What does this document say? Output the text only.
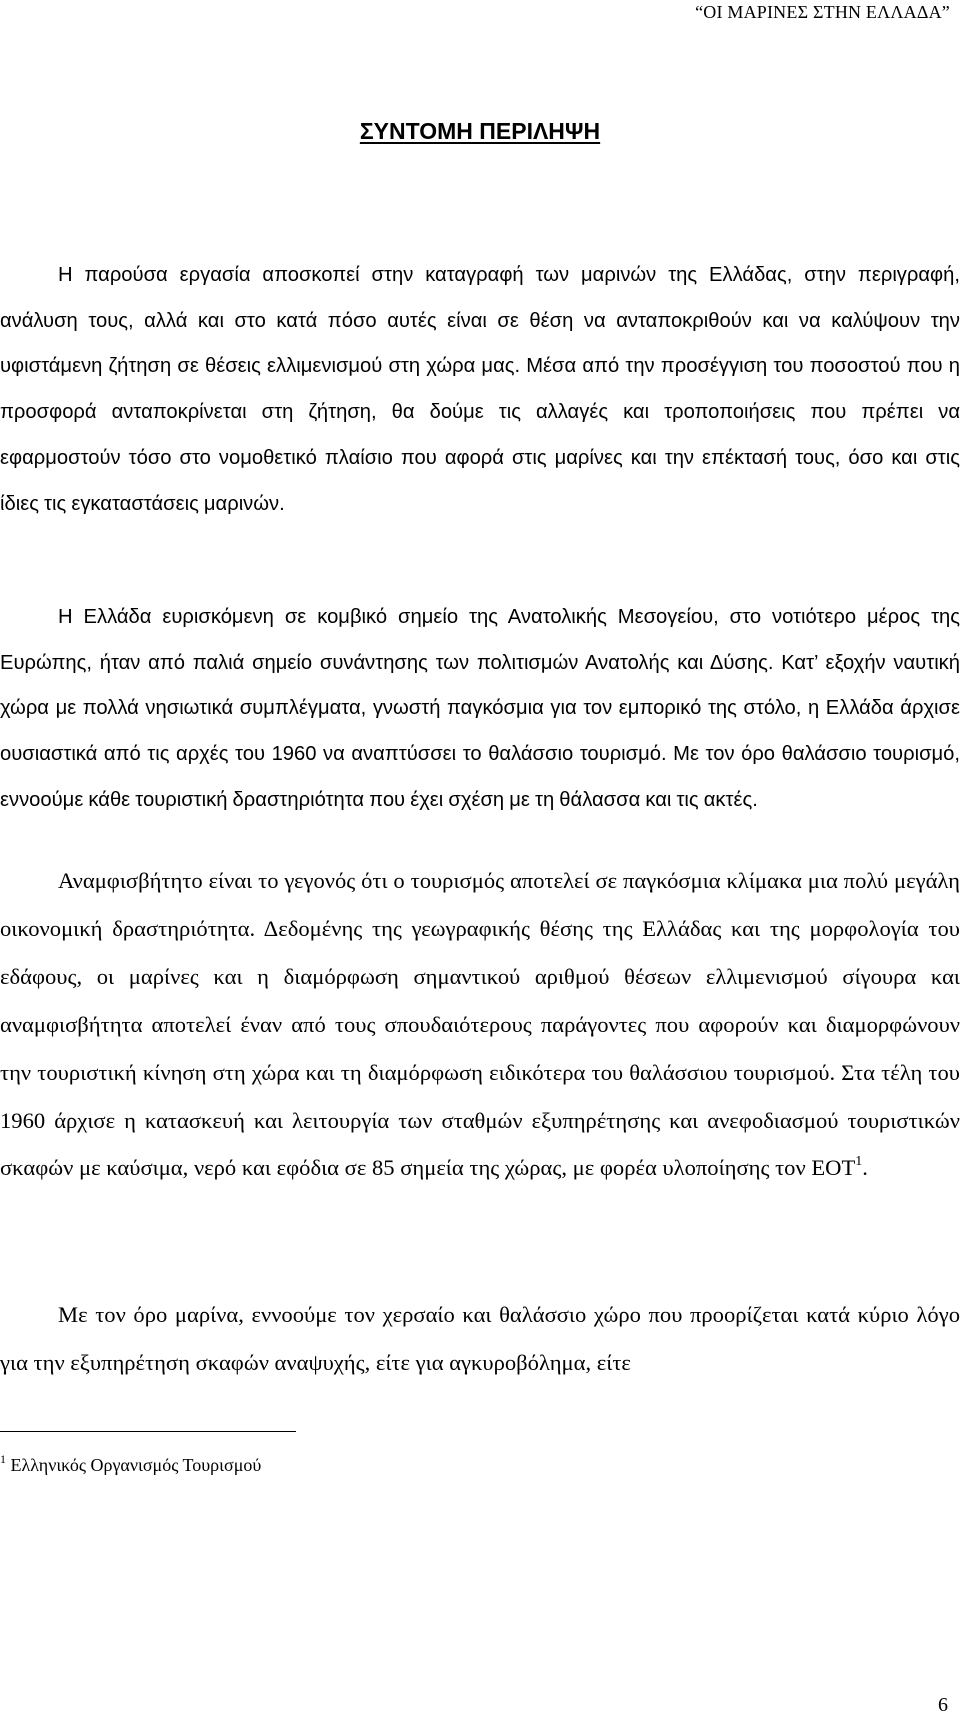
“ΟΙ ΜΑΡΙΝΕΣ ΣΤΗΝ ΕΛΛΑΔΑ”
ΣΥΝΤΟΜΗ ΠΕΡΙΛΗΨΗ

Η παρούσα εργασία αποσκοπεί στην καταγραφή των μαρινών της Ελλάδας, στην περιγραφή, ανάλυση τους, αλλά και στο κατά πόσο αυτές είναι σε θέση να ανταποκριθούν και να καλύψουν την υφιστάμενη ζήτηση σε θέσεις ελλιμενισμού στη χώρα μας. Μέσα από την προσέγγιση του ποσοστού που η προσφορά ανταποκρίνεται στη ζήτηση, θα δούμε τις αλλαγές και τροποποιήσεις που πρέπει να εφαρμοστούν τόσο στο νομοθετικό πλαίσιο που αφορά στις μαρίνες και την επέκτασή τους, όσο και στις ίδιες τις εγκαταστάσεις μαρινών.

Η Ελλάδα ευρισκόμενη σε κομβικό σημείο της Ανατολικής Μεσογείου, στο νοτιότερο μέρος της Ευρώπης, ήταν από παλιά σημείο συνάντησης των πολιτισμών Ανατολής και Δύσης. Κατ’ εξοχήν ναυτική χώρα με πολλά νησιωτικά συμπλέγματα, γνωστή παγκόσμια για τον εμπορικό της στόλο, η Ελλάδα άρχισε ουσιαστικά από τις αρχές του 1960 να αναπτύσσει το θαλάσσιο τουρισμό. Με τον όρο θαλάσσιο τουρισμό, εννοούμε κάθε τουριστική δραστηριότητα που έχει σχέση με τη θάλασσα και τις ακτές.

Αναμφισβήτητο είναι το γεγονός ότι ο τουρισμός αποτελεί σε παγκόσμια κλίμακα μια πολύ μεγάλη οικονομική δραστηριότητα. Δεδομένης της γεωγραφικής θέσης της Ελλάδας και της μορφολογία του εδάφους, οι μαρίνες και η διαμόρφωση σημαντικού αριθμού θέσεων ελλιμενισμού σίγουρα και αναμφισβήτητα αποτελεί έναν από τους σπουδαιότερους παράγοντες που αφορούν και διαμορφώνουν την τουριστική κίνηση στη χώρα και τη διαμόρφωση ειδικότερα του θαλάσσιου τουρισμού. Στα τέλη του 1960 άρχισε η κατασκευή και λειτουργία των σταθμών εξυπηρέτησης και ανεφοδιασμού τουριστικών σκαφών με καύσιμα, νερό και εφόδια σε 85 σημεία της χώρας, με φορέα υλοποίησης τον ΕΟΤ$^1$.

Με τον όρο μαρίνα, εννοούμε τον χερσαίο και θαλάσσιο χώρο που προορίζεται κατά κύριο λόγο για την εξυπηρέτηση σκαφών αναψυχής, είτε για αγκυροβόλημα, είτε

$^1$ Ελληνικός Οργανισμός Τουρισμού
6
